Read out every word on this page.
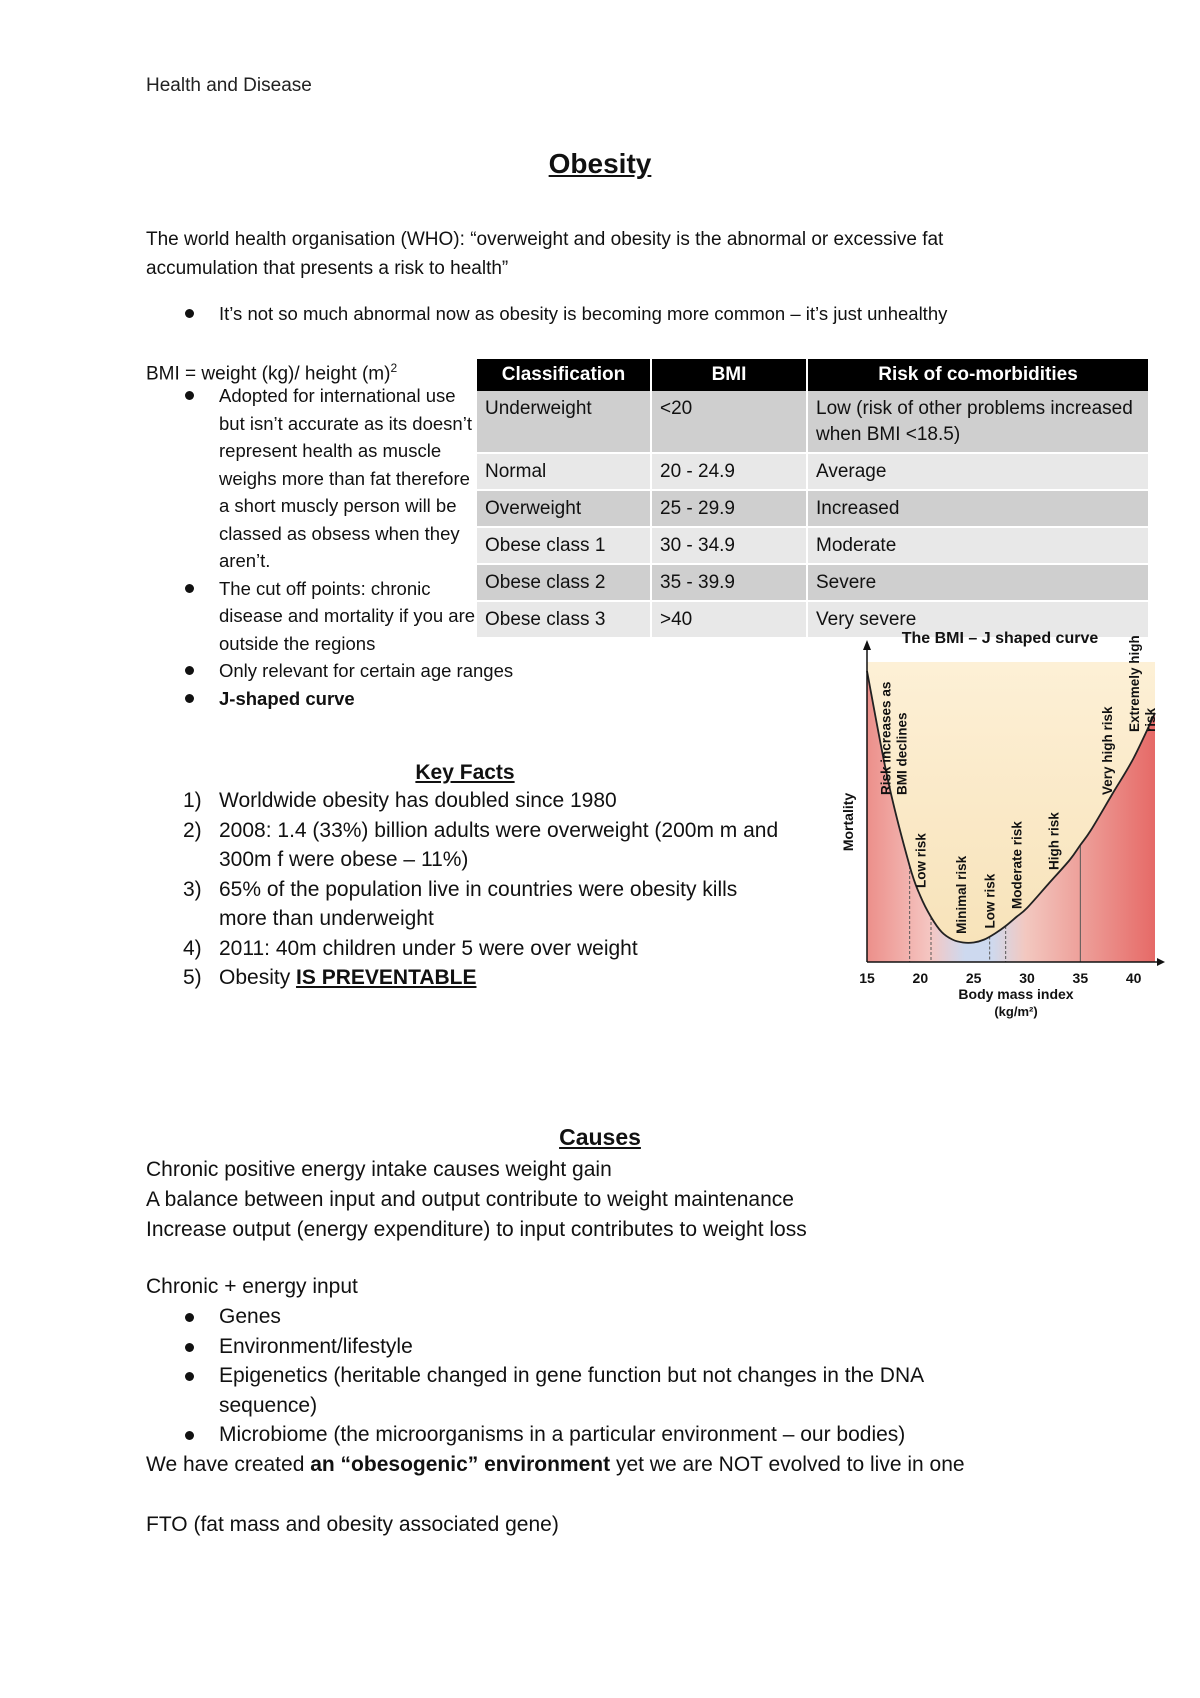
Health and Disease
Obesity
The world health organisation (WHO): “overweight and obesity is the abnormal or excessive fat accumulation that presents a risk to health”
It’s not so much abnormal now as obesity is becoming more common – it’s just unhealthy
BMI = weight (kg)/ height $(m)^2$
Adopted for international use but isn’t accurate as its doesn’t represent health as muscle weighs more than fat therefore a short muscly person will be classed as obsess when they aren’t.
The cut off points: chronic disease and mortality if you are outside the regions
Only relevant for certain age ranges
J-shaped curve
Classification	BMI	Risk of co-morbidities
Underweight	<20	Low (risk of other problems increased when BMI <18.5)
Normal	20 - 24.9	Average
Overweight	25 - 29.9	Increased
Obese class 1	30 - 34.9	Moderate
Obese class 2	35 - 39.9	Severe
Obese class 3	>40	Very severe
The BMI – J shaped curve
15	20	25	30	35	40
Risk increases as BMI declines
Low risk Minimal risk Low risk Moderate risk High risk
Very high risk
Extremely high risk
Mortality
Body mass index
(kg/m²)
Key Facts
1) Worldwide obesity has doubled since 1980
2) 2008: 1.4 (33%) billion adults were overweight (200m m and 300m f were obese – 11%)
3) 65% of the population live in countries were obesity kills more than underweight
4) 2011: 40m children under 5 were over weight
5) Obesity IS PREVENTABLE
Causes
Chronic positive energy intake causes weight gain
A balance between input and output contribute to weight maintenance
Increase output (energy expenditure) to input contributes to weight loss
Chronic + energy input
Genes
Environment/lifestyle
Epigenetics (heritable changed in gene function but not changes in the DNA sequence)
Microbiome (the microorganisms in a particular environment – our bodies)
We have created an “obesogenic” environment yet we are NOT evolved to live in one
FTO (fat mass and obesity associated gene)
